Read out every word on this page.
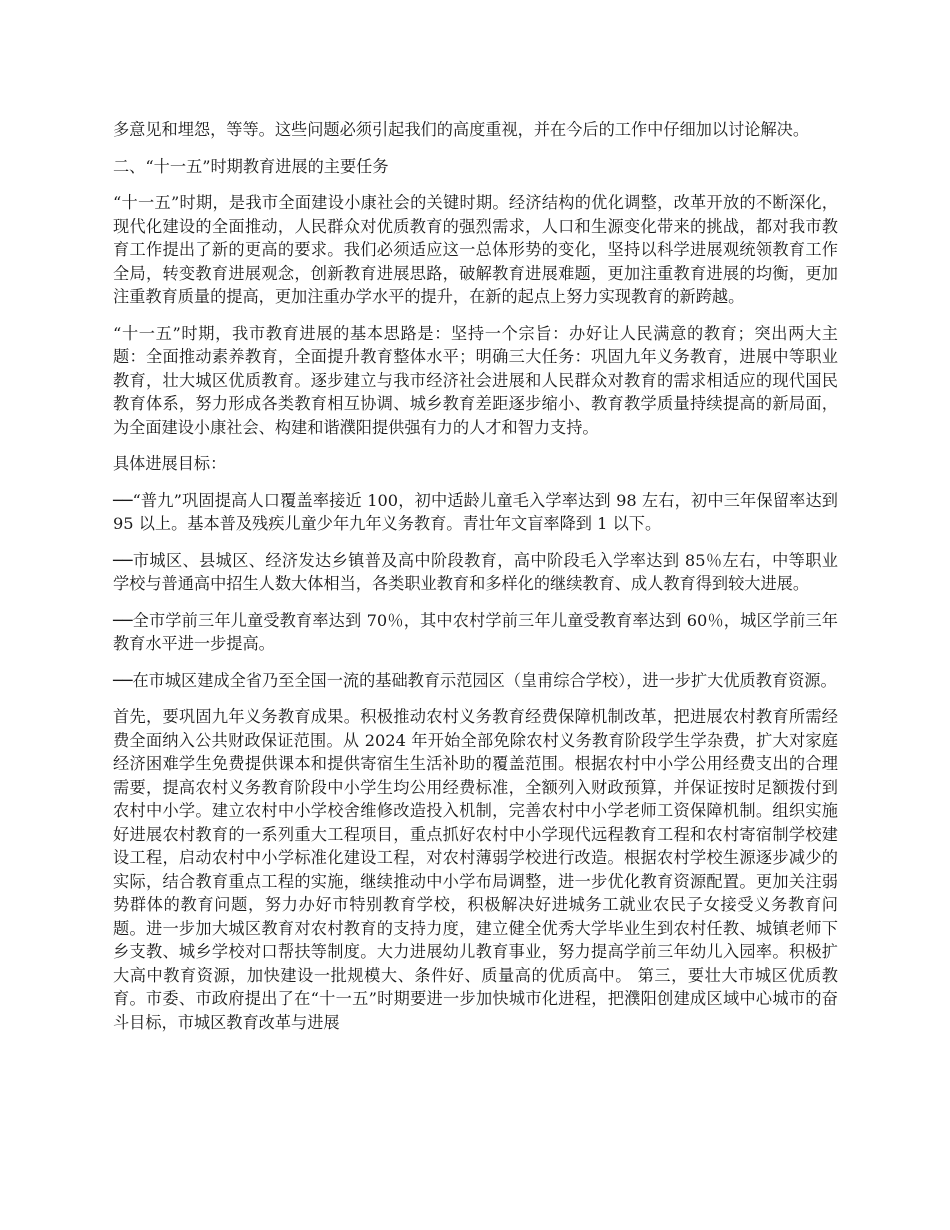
多意见和埋怨，等等。这些问题必须引起我们的高度重视，并在今后的工作中仔细加以讨论解决。

二、“十一五”时期教育进展的主要任务

“十一五”时期，是我市全面建设小康社会的关键时期。经济结构的优化调整，改革开放的不断深化，现代化建设的全面推动，人民群众对优质教育的强烈需求，人口和生源变化带来的挑战，都对我市教育工作提出了新的更高的要求。我们必须适应这一总体形势的变化，坚持以科学进展观统领教育工作全局，转变教育进展观念，创新教育进展思路，破解教育进展难题，更加注重教育进展的均衡，更加注重教育质量的提高，更加注重办学水平的提升，在新的起点上努力实现教育的新跨越。

“十一五”时期，我市教育进展的基本思路是：坚持一个宗旨：办好让人民满意的教育；突出两大主题：全面推动素养教育，全面提升教育整体水平；明确三大任务：巩固九年义务教育，进展中等职业教育，壮大城区优质教育。逐步建立与我市经济社会进展和人民群众对教育的需求相适应的现代国民教育体系，努力形成各类教育相互协调、城乡教育差距逐步缩小、教育教学质量持续提高的新局面，为全面建设小康社会、构建和谐濮阳提供强有力的人才和智力支持。

具体进展目标：

──“普九”巩固提高人口覆盖率接近 100，初中适龄儿童毛入学率达到 98 左右，初中三年保留率达到 95 以上。基本普及残疾儿童少年九年义务教育。青壮年文盲率降到 1 以下。

──市城区、县城区、经济发达乡镇普及高中阶段教育，高中阶段毛入学率达到 85％左右，中等职业学校与普通高中招生人数大体相当，各类职业教育和多样化的继续教育、成人教育得到较大进展。

──全市学前三年儿童受教育率达到 70％，其中农村学前三年儿童受教育率达到 60％，城区学前三年教育水平进一步提高。

──在市城区建成全省乃至全国一流的基础教育示范园区（皇甫综合学校），进一步扩大优质教育资源。

首先，要巩固九年义务教育成果。积极推动农村义务教育经费保障机制改革，把进展农村教育所需经费全面纳入公共财政保证范围。从 2024 年开始全部免除农村义务教育阶段学生学杂费，扩大对家庭经济困难学生免费提供课本和提供寄宿生生活补助的覆盖范围。根据农村中小学公用经费支出的合理需要，提高农村义务教育阶段中小学生均公用经费标准，全额列入财政预算，并保证按时足额拨付到农村中小学。建立农村中小学校舍维修改造投入机制，完善农村中小学老师工资保障机制。组织实施好进展农村教育的一系列重大工程项目，重点抓好农村中小学现代远程教育工程和农村寄宿制学校建设工程，启动农村中小学标准化建设工程，对农村薄弱学校进行改造。根据农村学校生源逐步减少的实际，结合教育重点工程的实施，继续推动中小学布局调整，进一步优化教育资源配置。更加关注弱势群体的教育问题，努力办好市特别教育学校，积极解决好进城务工就业农民子女接受义务教育问题。进一步加大城区教育对农村教育的支持力度，建立健全优秀大学毕业生到农村任教、城镇老师下乡支教、城乡学校对口帮扶等制度。大力进展幼儿教育事业，努力提高学前三年幼儿入园率。积极扩大高中教育资源，加快建设一批规模大、条件好、质量高的优质高中。 第三，要壮大市城区优质教育。市委、市政府提出了在“十一五”时期要进一步加快城市化进程，把濮阳创建成区域中心城市的奋斗目标，市城区教育改革与进展
